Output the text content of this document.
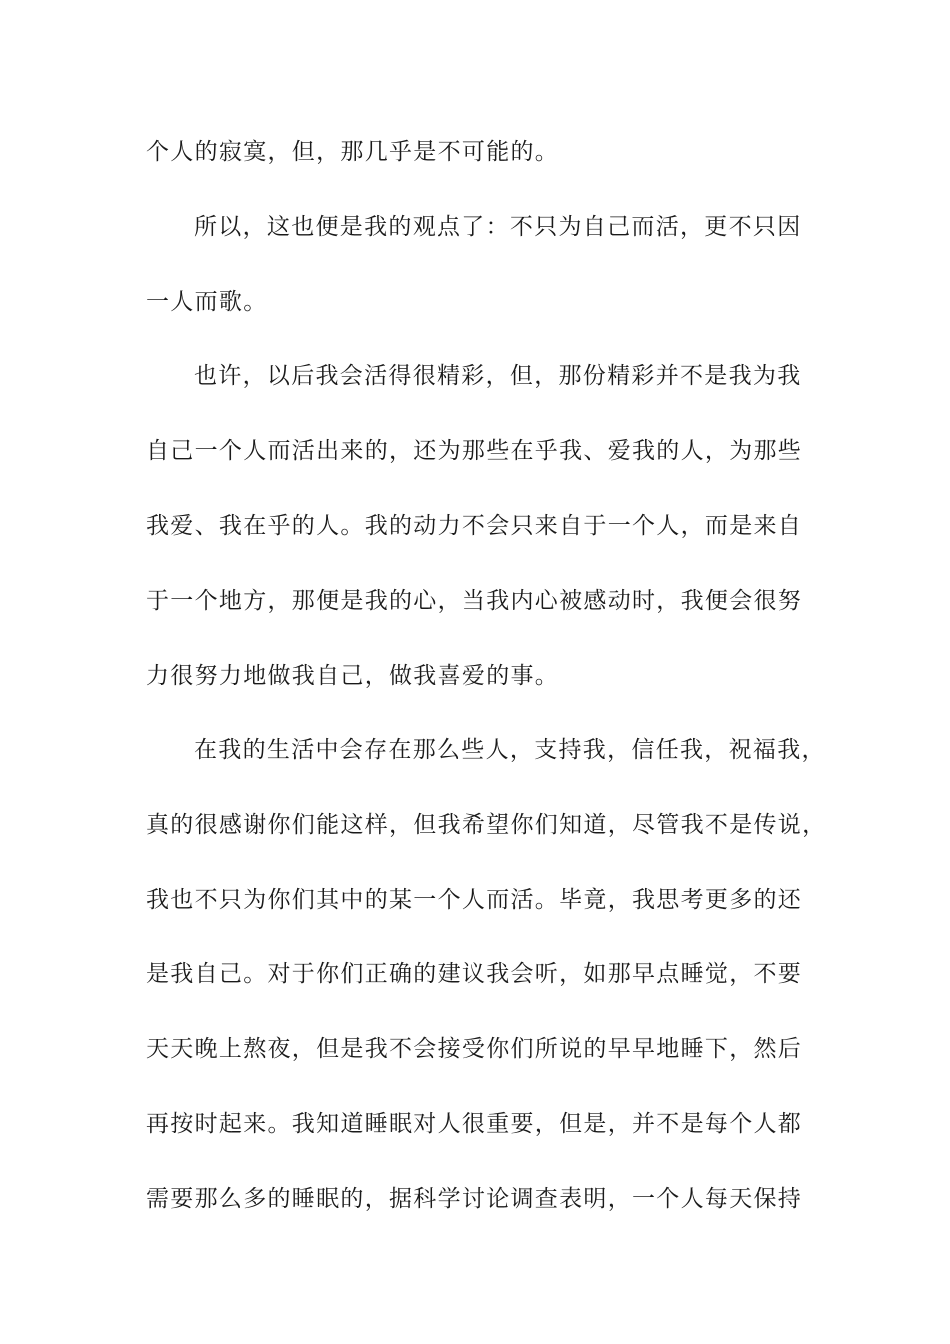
个人的寂寞，但，那几乎是不可能的。
所以，这也便是我的观点了：不只为自己而活，更不只因
一人而歌。
也许，以后我会活得很精彩，但，那份精彩并不是我为我
自己一个人而活出来的，还为那些在乎我、爱我的人，为那些
我爱、我在乎的人。我的动力不会只来自于一个人，而是来自
于一个地方，那便是我的心，当我内心被感动时，我便会很努
力很努力地做我自己，做我喜爱的事。
在我的生活中会存在那么些人，支持我，信任我，祝福我，
真的很感谢你们能这样，但我希望你们知道，尽管我不是传说，
我也不只为你们其中的某一个人而活。毕竟，我思考更多的还
是我自己。对于你们正确的建议我会听，如那早点睡觉，不要
天天晚上熬夜，但是我不会接受你们所说的早早地睡下，然后
再按时起来。我知道睡眠对人很重要，但是，并不是每个人都
需要那么多的睡眠的，据科学讨论调查表明，一个人每天保持
